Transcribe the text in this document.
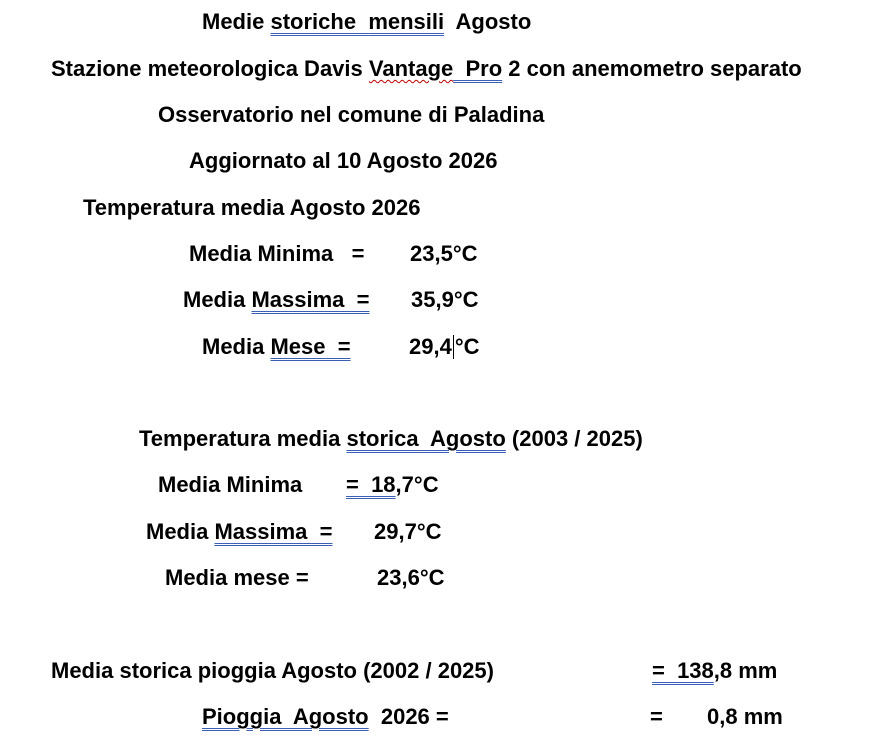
Medie storiche mensili  Agosto
Stazione meteorologica Davis Vantage Pro 2 con anemometro separato
Osservatorio nel comune di Paladina
Aggiornato al 10 Agosto 2026
Temperatura media Agosto 2026
Media Minima   = 23,5°C
Media Massima  = 35,9°C
Media Mese  =	29,4 °C
Temperatura media storica Agosto (2003 / 2025)
Media Minima =  18,7°C
Media Massima  = 29,7°C
Media mese =	23,6°C
Media storica pioggia Agosto (2002 / 2025)	=  138,8 mm
Pioggia  Agosto  2026 =	= 0,8 mm
